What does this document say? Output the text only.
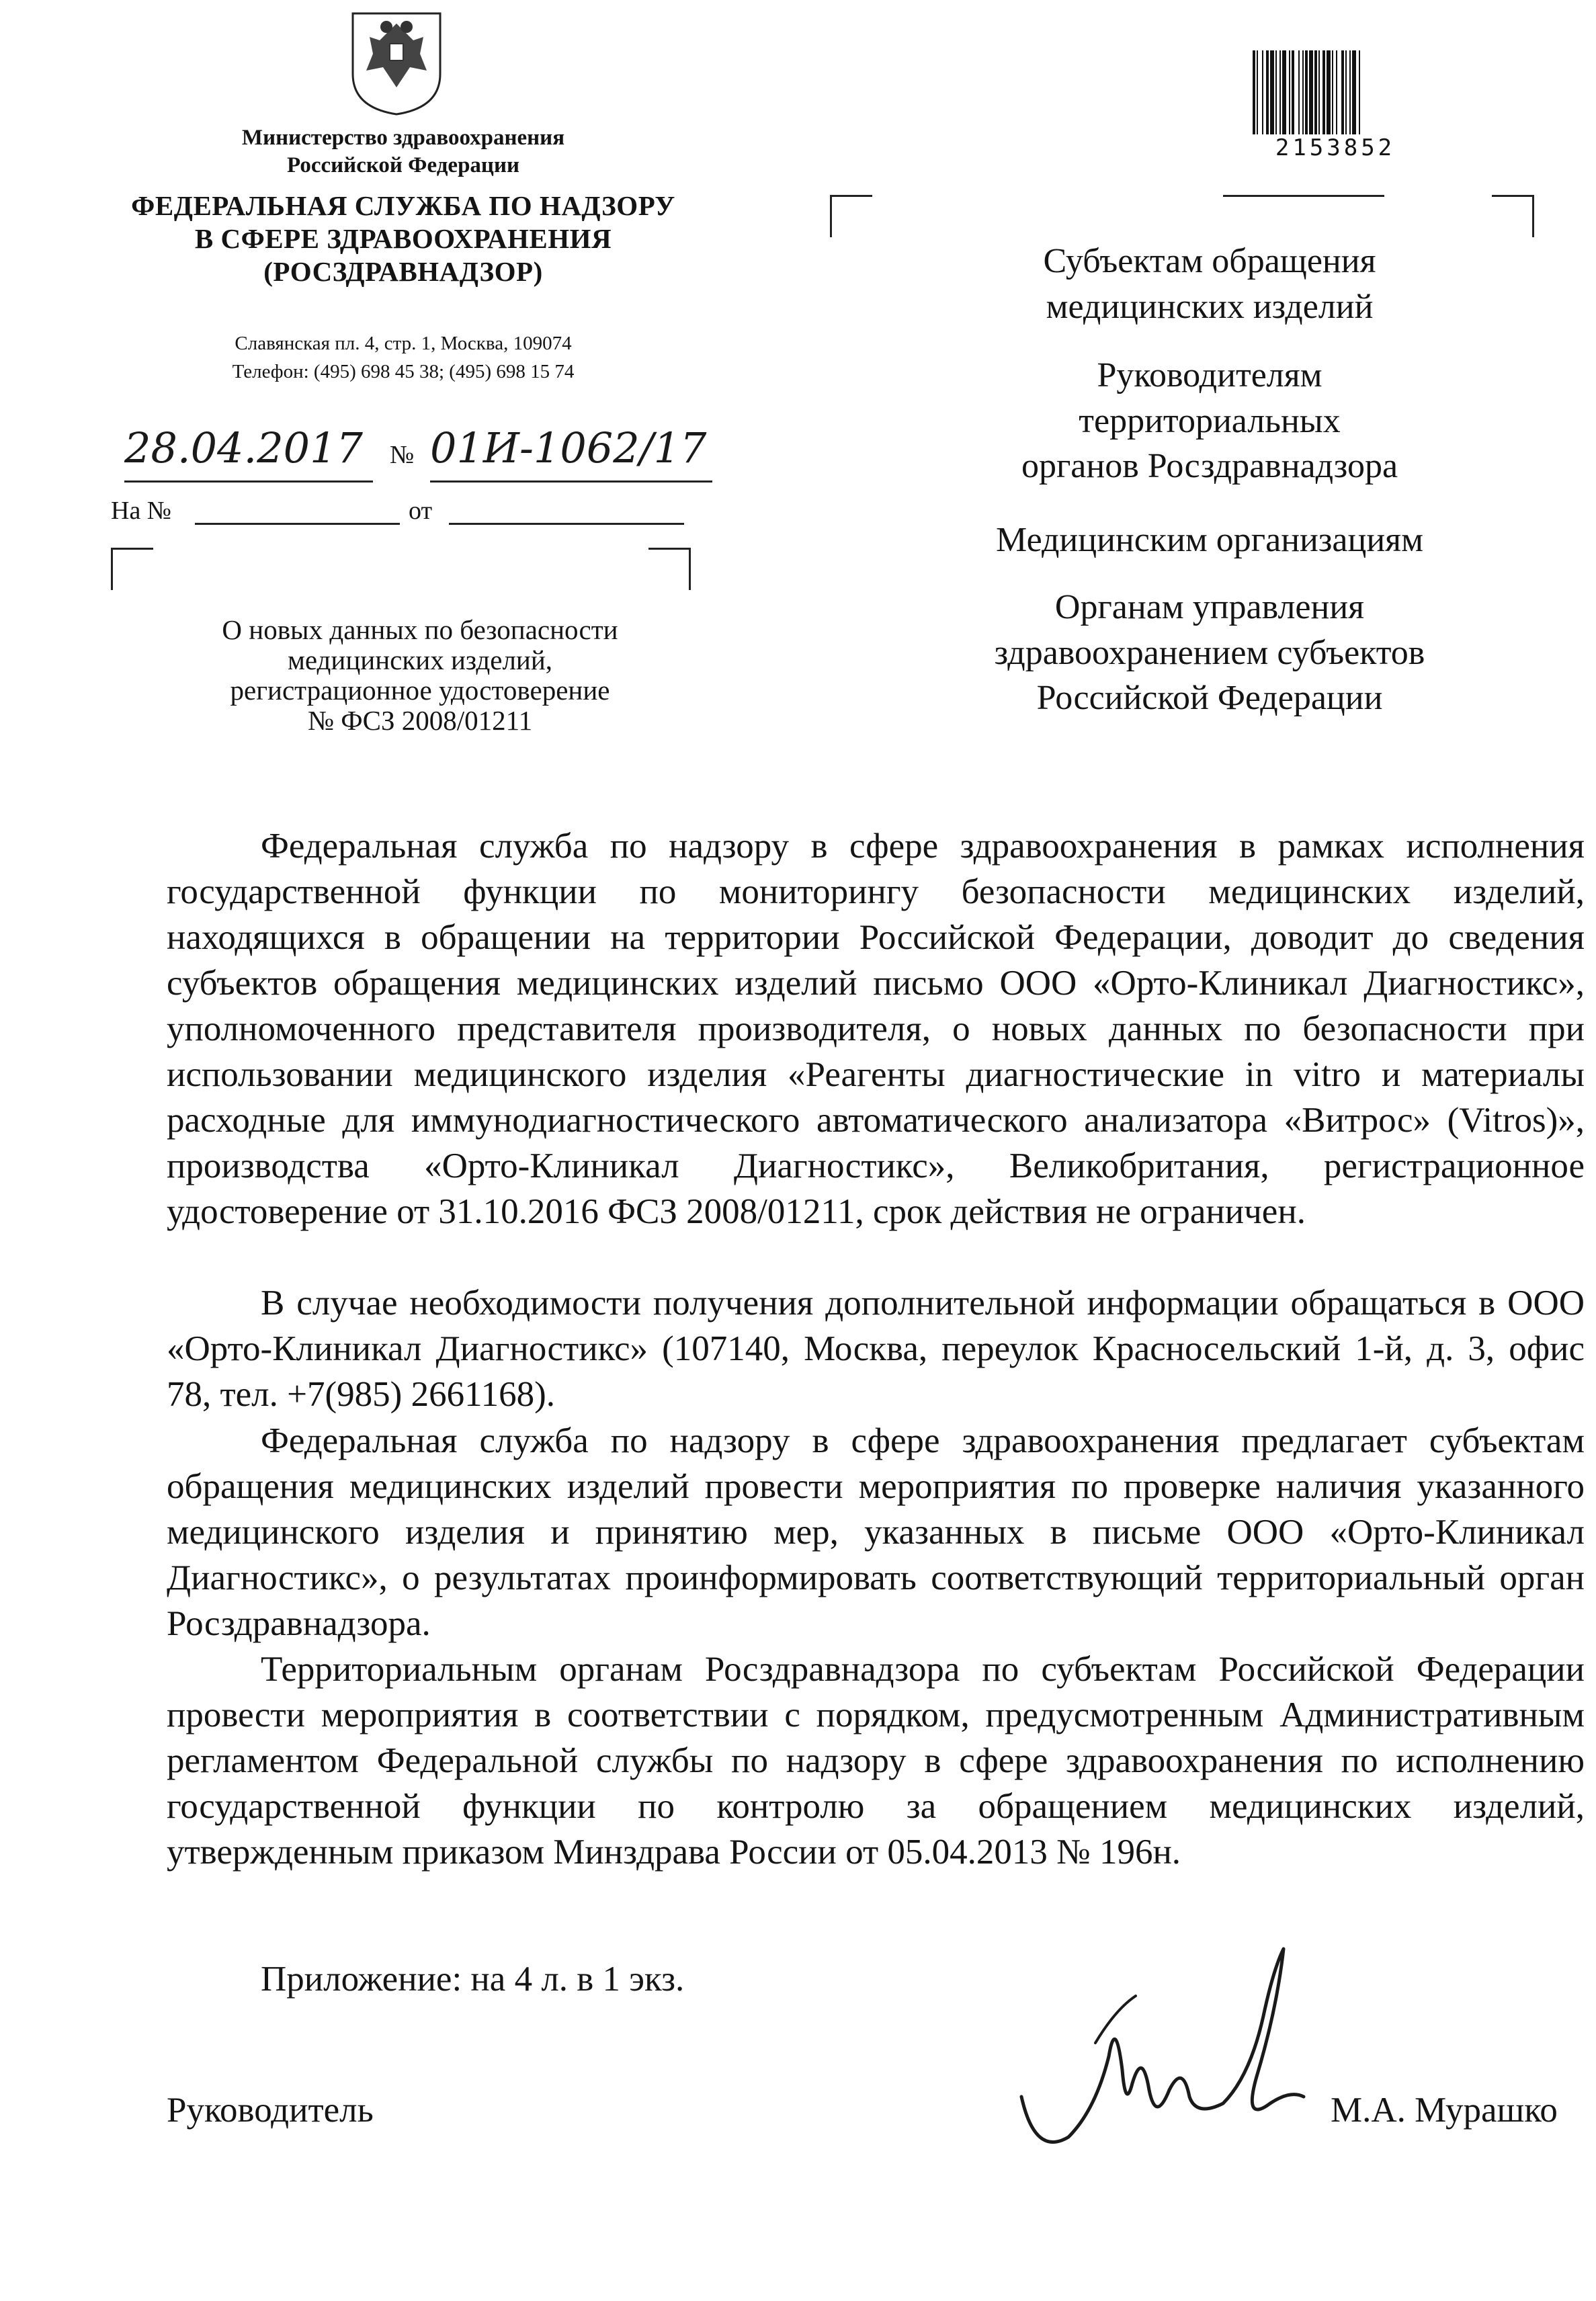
Министерство здравоохранения
Российской Федерации
ФЕДЕРАЛЬНАЯ СЛУЖБА ПО НАДЗОРУ
В СФЕРЕ ЗДРАВООХРАНЕНИЯ
(РОСЗДРАВНАДЗОР)
Славянская пл. 4, стр. 1, Москва, 109074
Телефон: (495) 698 45 38; (495) 698 15 74
28.04.2017 № 01И-1062/17
На №	от
О новых данных по безопасности
медицинских изделий,
регистрационное удостоверение
№ ФСЗ 2008/01211
2153852
Субъектам обращения
медицинских изделий
Руководителям
территориальных
органов Росздравнадзора
Медицинским организациям
Органам управления
здравоохранением субъектов
Российской Федерации

Федеральная служба по надзору в сфере здравоохранения в рамках исполнения государственной функции по мониторингу безопасности медицинских изделий, находящихся в обращении на территории Российской Федерации, доводит до сведения субъектов обращения медицинских изделий письмо ООО «Орто-Клиникал Диагностикс», уполномоченного представителя производителя, о новых данных по безопасности при использовании медицинского изделия «Реагенты диагностические in vitro и материалы расходные для иммунодиагностического автоматического анализатора «Витрос» (Vitros)», производства «Орто-Клиникал Диагностикс», Великобритания, регистрационное удостоверение от 31.10.2016 ФСЗ 2008/01211, срок действия не ограничен.

В случае необходимости получения дополнительной информации обращаться в ООО «Орто-Клиникал Диагностикс» (107140, Москва, переулок Красносельский 1-й, д. 3, офис 78, тел. +7(985) 2661168).

Федеральная служба по надзору в сфере здравоохранения предлагает субъектам обращения медицинских изделий провести мероприятия по проверке наличия указанного медицинского изделия и принятию мер, указанных в письме ООО «Орто-Клиникал Диагностикс», о результатах проинформировать соответствующий территориальный орган Росздравнадзора.

Территориальным органам Росздравнадзора по субъектам Российской Федерации провести мероприятия в соответствии с порядком, предусмотренным Административным регламентом Федеральной службы по надзору в сфере здравоохранения по исполнению государственной функции по контролю за обращением медицинских изделий, утвержденным приказом Минздрава России от 05.04.2013 № 196н.

Приложение: на 4 л. в 1 экз.
Руководитель	М.А. Мурашко
